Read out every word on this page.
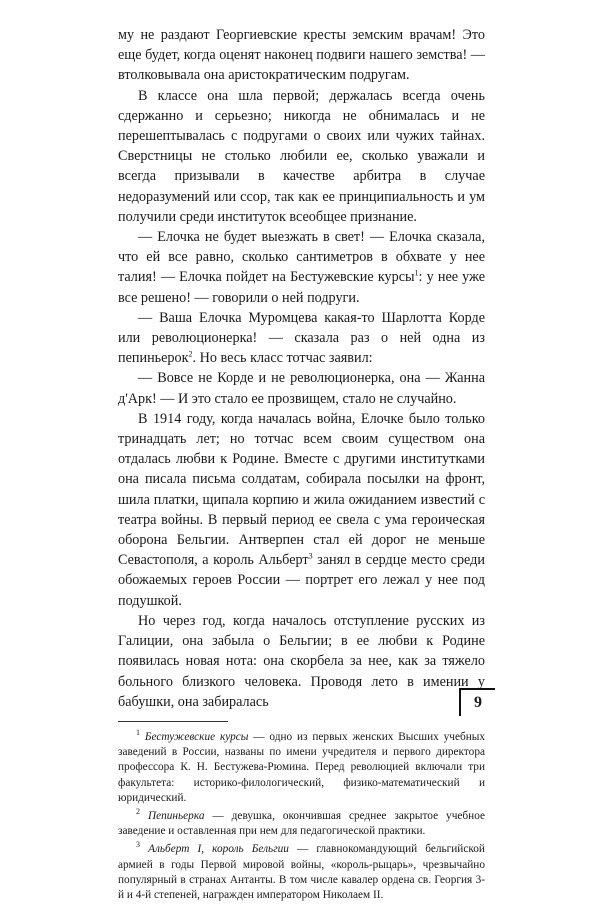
му не раздают Георгиевские кресты земским врачам! Это еще будет, когда оценят наконец подвиги нашего земства! — втолковывала она аристократическим подругам.

В классе она шла первой; держалась всегда очень сдержанно и серьезно; никогда не обнималась и не перешептывалась с подругами о своих или чужих тайнах. Сверстницы не столько любили ее, сколько уважали и всегда призывали в качестве арбитра в случае недоразумений или ссор, так как ее принципиальность и ум получили среди институток всеобщее признание.

— Елочка не будет выезжать в свет! — Елочка сказала, что ей все равно, сколько сантиметров в обхвате у нее талия! — Елочка пойдет на Бестужевские курсы$^1$: у нее уже все решено! — говорили о ней подруги.

— Ваша Елочка Муромцева какая-то Шарлотта Корде или революционерка! — сказала раз о ней одна из пепиньерок$^2$. Но весь класс тотчас заявил:

— Вовсе не Корде и не революционерка, она — Жанна д'Арк! — И это стало ее прозвищем, стало не случайно.

В 1914 году, когда началась война, Елочке было только тринадцать лет; но тотчас всем своим существом она отдалась любви к Родине. Вместе с другими институтками она писала письма солдатам, собирала посылки на фронт, шила платки, щипала корпию и жила ожиданием известий с театра войны. В первый период ее свела с ума героическая оборона Бельгии. Антверпен стал ей дорог не меньше Севастополя, а король Альберт$^3$ занял в сердце место среди обожаемых героев России — портрет его лежал у нее под подушкой.

Но через год, когда началось отступление русских из Галиции, она забыла о Бельгии; в ее любви к Родине появилась новая нота: она скорбела за нее, как за тяжело больного близкого человека. Проводя лето в имении у бабушки, она забиралась

$^1$ Бестужевские курсы — одно из первых женских Высших учебных заведений в России, названы по имени учредителя и первого директора профессора К. Н. Бестужева-Рюмина. Перед революцией включали три факультета: историко-филологический, физико-математический и юридический.

$^2$ Пепиньерка — девушка, окончившая среднее закрытое учебное заведение и оставленная при нем для педагогической практики.

$^3$ Альберт I, король Бельгии — главнокомандующий бельгийской армией в годы Первой мировой войны, «король-рыцарь», чрезвычайно популярный в странах Антанты. В том числе кавалер ордена св. Георгия 3-й и 4-й степеней, награжден императором Николаем II.

9
